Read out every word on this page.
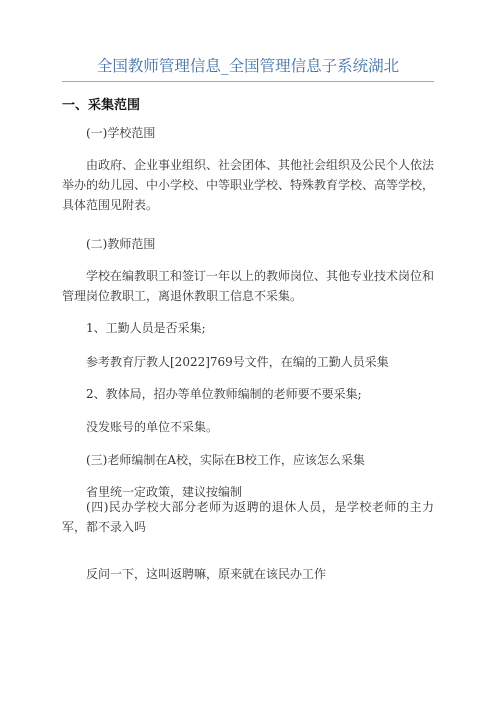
全国教师管理信息_全国管理信息子系统湖北
一、采集范围

(一)学校范围

由政府、企业事业组织、社会团体、其他社会组织及公民个人依法举办的幼儿园、中小学校、中等职业学校、特殊教育学校、高等学校，具体范围见附表。

(二)教师范围

学校在编教职工和签订一年以上的教师岗位、其他专业技术岗位和管理岗位教职工，离退休教职工信息不采集。

1、工勤人员是否采集;

参考教育厅教人[2022]769号文件，在编的工勤人员采集

2、教体局，招办等单位教师编制的老师要不要采集;

没发账号的单位不采集。

(三)老师编制在A校，实际在B校工作，应该怎么采集

省里统一定政策，建议按编制

(四)民办学校大部分老师为返聘的退休人员，是学校老师的主力军，都不录入吗

反问一下，这叫返聘嘛，原来就在该民办工作
